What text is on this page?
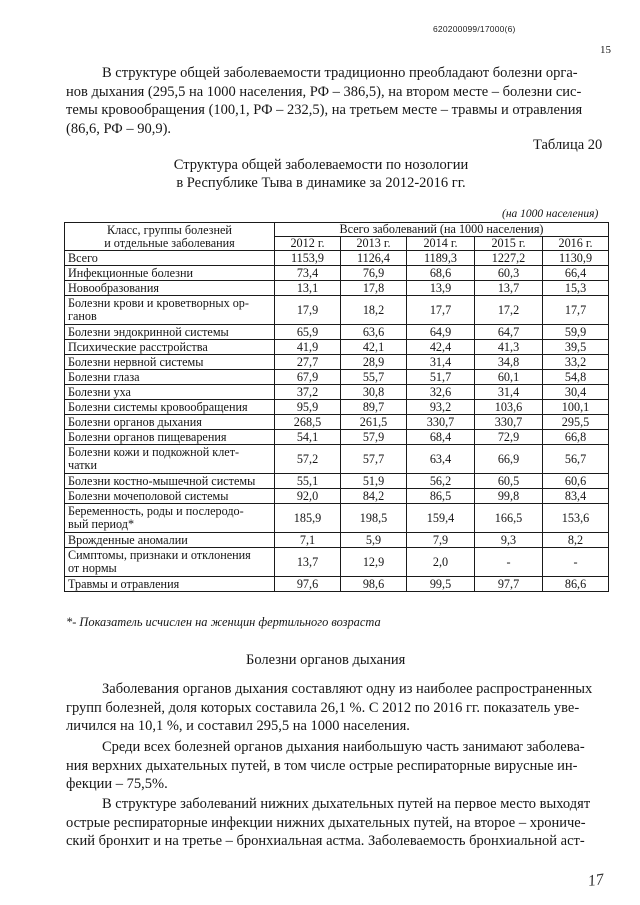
620200099/17000(6)
15
В структуре общей заболеваемости традиционно преобладают болезни орга-
нов дыхания (295,5 на 1000 населения, РФ – 386,5), на втором месте – болезни сис-
темы кровообращения (100,1, РФ – 232,5), на третьем месте – травмы и отравления
(86,6, РФ – 90,9).
Таблица 20
Структура общей заболеваемости по нозологии
в Республике Тыва в динамике за 2012-2016 гг.
(на 1000 населения)
Класс, группы болезней
и отдельные заболевания	Всего заболеваний (на 1000 населения)				
	2012 г.	2013 г.	2014 г.	2015 г.	2016 г.
Всего	1153,9	1126,4	1189,3	1227,2	1130,9
Инфекционные болезни	73,4	76,9	68,6	60,3	66,4
Новообразования	13,1	17,8	13,9	13,7	15,3

Болезни крови и кроветворных ор-
ганов	17,9	18,2	17,7	17,2	17,7
Болезни эндокринной системы	65,9	63,6	64,9	64,7	59,9
Психические расстройства	41,9	42,1	42,4	41,3	39,5
Болезни нервной системы	27,7	28,9	31,4	34,8	33,2
Болезни глаза	67,9	55,7	51,7	60,1	54,8
Болезни уха	37,2	30,8	32,6	31,4	30,4
Болезни системы кровообращения	95,9	89,7	93,2	103,6	100,1
Болезни органов дыхания	268,5	261,5	330,7	330,7	295,5
Болезни органов пищеварения	54,1	57,9	68,4	72,9	66,8

Болезни кожи и подкожной клет-
чатки	57,2	57,7	63,4	66,9	56,7
Болезни костно-мышечной системы	55,1	51,9	56,2	60,5	60,6
Болезни мочеполовой системы	92,0	84,2	86,5	99,8	83,4

Беременность, роды и послеродо-
вый период*	185,9	198,5	159,4	166,5	153,6
Врожденные аномалии	7,1	5,9	7,9	9,3	8,2

Симптомы, признаки и отклонения
от нормы	13,7	12,9	2,0	-	-
Травмы и отравления	97,6	98,6	99,5	97,7	86,6
*- Показатель исчислен на женщин фертильного возраста
Болезни органов дыхания
Заболевания органов дыхания составляют одну из наиболее распространенных
групп болезней, доля которых составила 26,1 %. С 2012 по 2016 гг. показатель уве-
личился на 10,1 %, и составил 295,5 на 1000 населения.
Среди всех болезней органов дыхания наибольшую часть занимают заболева-
ния верхних дыхательных путей, в том числе острые респираторные вирусные ин-
фекции – 75,5%.
В структуре заболеваний нижних дыхательных путей на первое место выходят
острые респираторные инфекции нижних дыхательных путей, на второе – хрониче-
ский бронхит и на третье – бронхиальная астма. Заболеваемость бронхиальной аст-
17
